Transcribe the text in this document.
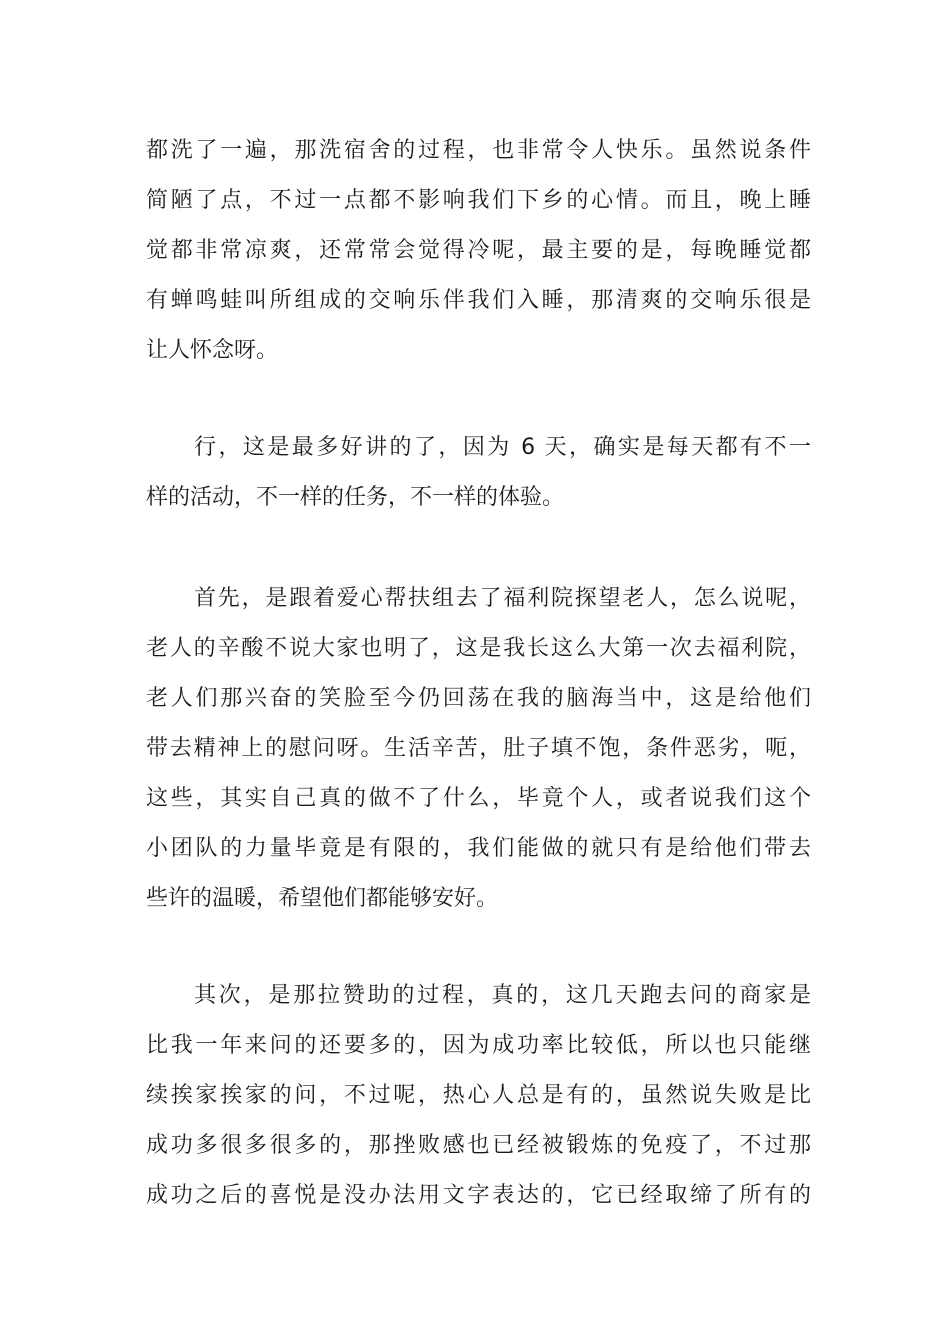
都洗了一遍，那洗宿舍的过程，也非常令人快乐。虽然说条件
简陋了点，不过一点都不影响我们下乡的心情。而且，晚上睡
觉都非常凉爽，还常常会觉得冷呢，最主要的是，每晚睡觉都
有蝉鸣蛙叫所组成的交响乐伴我们入睡，那清爽的交响乐很是
让人怀念呀。
行，这是最多好讲的了，因为 6 天，确实是每天都有不一
样的活动，不一样的任务，不一样的体验。
首先，是跟着爱心帮扶组去了福利院探望老人，怎么说呢，
老人的辛酸不说大家也明了，这是我长这么大第一次去福利院，
老人们那兴奋的笑脸至今仍回荡在我的脑海当中，这是给他们
带去精神上的慰问呀。生活辛苦，肚子填不饱，条件恶劣，呃，
这些，其实自己真的做不了什么，毕竟个人，或者说我们这个
小团队的力量毕竟是有限的，我们能做的就只有是给他们带去
些许的温暖，希望他们都能够安好。
其次，是那拉赞助的过程，真的，这几天跑去问的商家是
比我一年来问的还要多的，因为成功率比较低，所以也只能继
续挨家挨家的问，不过呢，热心人总是有的，虽然说失败是比
成功多很多很多的，那挫败感也已经被锻炼的免疫了，不过那
成功之后的喜悦是没办法用文字表达的，它已经取缔了所有的
